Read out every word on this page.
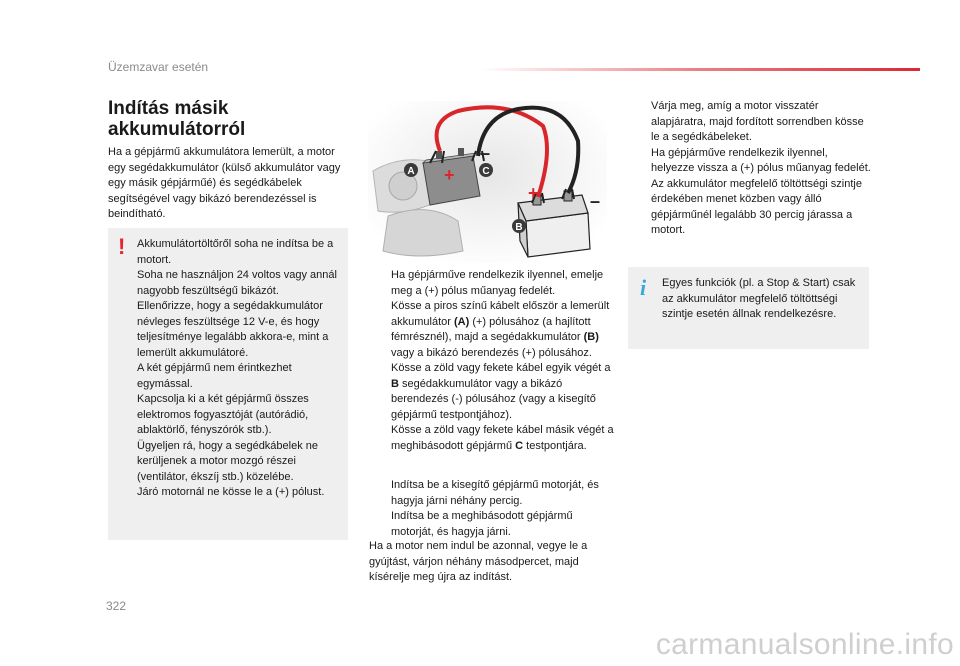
Üzemzavar esetén
Indítás másik akkumulátorról
Ha a gépjármű akkumulátora lemerült, a motor egy segédakkumulátor (külső akkumulátor vagy egy másik gépjárműé) és segédkábelek segítségével vagy bikázó berendezéssel is beindítható.
! Akkumulátortöltőről soha ne indítsa be a motort.
Soha ne használjon 24 voltos vagy annál nagyobb feszültségű bikázót.
Ellenőrizze, hogy a segédakkumulátor névleges feszültsége 12 V-e, és hogy teljesítménye legalább akkora-e, mint a lemerült akkumulátoré.
A két gépjármű nem érintkezhet egymással.
Kapcsolja ki a két gépjármű összes elektromos fogyasztóját (autórádió, ablaktörlő, fényszórók stb.).
Ügyeljen rá, hogy a segédkábelek ne kerüljenek a motor mozgó részei (ventilátor, ékszíj stb.) közelébe.
Járó motornál ne kösse le a (+) pólust.
+
–
+	–
A	C
B
Ha gépjárműve rendelkezik ilyennel, emelje meg a (+) pólus műanyag fedelét.
Kösse a piros színű kábelt először a lemerült akkumulátor (A) (+) pólusához (a hajlított fémrésznél), majd a segédakkumulátor (B) vagy a bikázó berendezés (+) pólusához.
Kösse a zöld vagy fekete kábel egyik végét a B segédakkumulátor vagy a bikázó berendezés (-) pólusához (vagy a kisegítő gépjármű testpontjához).
Kösse a zöld vagy fekete kábel másik végét a meghibásodott gépjármű C testpontjára.
Indítsa be a kisegítő gépjármű motorját, és hagyja járni néhány percig.
Indítsa be a meghibásodott gépjármű motorját, és hagyja járni.
Ha a motor nem indul be azonnal, vegye le a gyújtást, várjon néhány másodpercet, majd kísérelje meg újra az indítást.
Várja meg, amíg a motor visszatér alapjáratra, majd fordított sorrendben kösse le a segédkábeleket.
Ha gépjárműve rendelkezik ilyennel, helyezze vissza a (+) pólus műanyag fedelét.
Az akkumulátor megfelelő töltöttségi szintje érdekében menet közben vagy álló gépjárműnél legalább 30 percig járassa a motort.
i Egyes funkciók (pl. a Stop & Start) csak az akkumulátor megfelelő töltöttségi szintje esetén állnak rendelkezésre.
322
carmanualsonline.info
